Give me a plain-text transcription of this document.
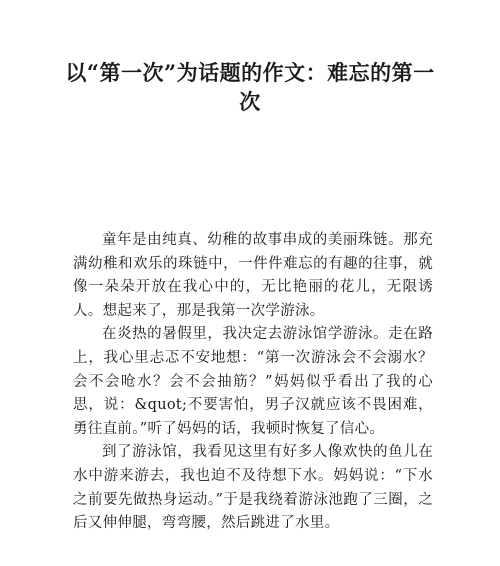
以“第一次”为话题的作文：难忘的第一次

童年是由纯真、幼稚的故事串成的美丽珠链。那充满幼稚和欢乐的珠链中，一件件难忘的有趣的往事，就像一朵朵开放在我心中的，无比艳丽的花儿，无限诱人。想起来了，那是我第一次学游泳。

在炎热的暑假里，我决定去游泳馆学游泳。走在路上，我心里忐忑不安地想：“第一次游泳会不会溺水？会不会呛水？会不会抽筋？”妈妈似乎看出了我的心思，说：&quot;不要害怕，男子汉就应该不畏困难，勇往直前。”听了妈妈的话，我顿时恢复了信心。

到了游泳馆，我看见这里有好多人像欢快的鱼儿在水中游来游去，我也迫不及待想下水。妈妈说：“下水之前要先做热身运动。”于是我绕着游泳池跑了三圈，之后又伸伸腿，弯弯腰，然后跳进了水里。
